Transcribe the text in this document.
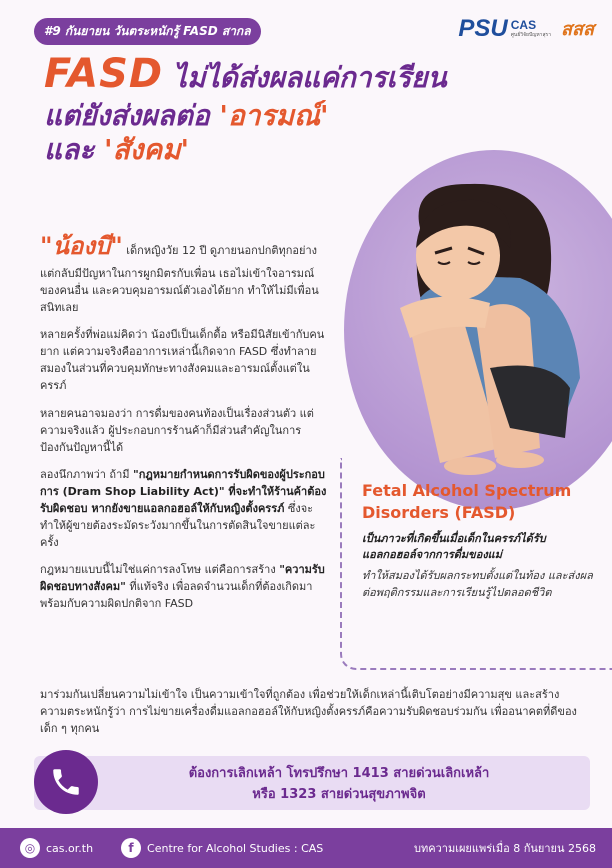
#9 กันยายน วันตระหนักรู้ FASD สากล	PSU CAS
ศูนย์วิจัยปัญหาสุรา สสส
FASD ไม่ได้ส่งผลแค่การเรียน
แต่ยังส่งผลต่อ 'อารมณ์'
และ 'สังคม'

"น้องบี" เด็กหญิงวัย 12 ปี ดูภายนอกปกติทุกอย่าง แต่กลับมีปัญหาในการผูกมิตรกับเพื่อน เธอไม่เข้าใจอารมณ์ของคนอื่น และควบคุมอารมณ์ตัวเองได้ยาก ทำให้ไม่มีเพื่อนสนิทเลย

หลายครั้งที่พ่อแม่คิดว่า น้องบีเป็นเด็กดื้อ หรือมีนิสัยเข้ากับคนยาก แต่ความจริงคืออาการเหล่านี้เกิดจาก FASD ซึ่งทำลายสมองในส่วนที่ควบคุมทักษะทางสังคมและอารมณ์ตั้งแต่ในครรภ์

หลายคนอาจมองว่า การดื่มของคนท้องเป็นเรื่องส่วนตัว แต่ความจริงแล้ว ผู้ประกอบการร้านค้าก็มีส่วนสำคัญในการป้องกันปัญหานี้ได้

ลองนึกภาพว่า ถ้ามี "กฎหมายกำหนดการรับผิดของผู้ประกอบการ (Dram Shop Liability Act)" ที่จะทำให้ร้านค้าต้องรับผิดชอบ หากยังขายแอลกอฮอล์ให้กับหญิงตั้งครรภ์ ซึ่งจะทำให้ผู้ขายต้องระมัดระวังมากขึ้นในการตัดสินใจขายแต่ละครั้ง

กฎหมายแบบนี้ไม่ใช่แค่การลงโทษ แต่คือการสร้าง "ความรับผิดชอบทางสังคม" ที่แท้จริง เพื่อลดจำนวนเด็กที่ต้องเกิดมาพร้อมกับความผิดปกติจาก FASD

Fetal Alcohol Spectrum Disorders (FASD)
เป็นภาวะที่เกิดขึ้นเมื่อเด็กในครรภ์ได้รับแอลกอฮอล์จากการดื่มของแม่
ทำให้สมองได้รับผลกระทบตั้งแต่ในท้อง และส่งผลต่อพฤติกรรมและการเรียนรู้ไปตลอดชีวิต
มาร่วมกันเปลี่ยนความไม่เข้าใจ เป็นความเข้าใจที่ถูกต้อง เพื่อช่วยให้เด็กเหล่านี้เติบโตอย่างมีความสุข และสร้างความตระหนักรู้ว่า การไม่ขายเครื่องดื่มแอลกอฮอล์ให้กับหญิงตั้งครรภ์คือความรับผิดชอบร่วมกัน เพื่ออนาคตที่ดีของเด็ก ๆ ทุกคน
ต้องการเลิกเหล้า โทรปรึกษา 1413 สายด่วนเลิกเหล้า
หรือ 1323 สายด่วนสุขภาพจิต
◎ cas.or.th	f	Centre for Alcohol Studies : CAS	บทความเผยแพร่เมื่อ 8 กันยายน 2568
